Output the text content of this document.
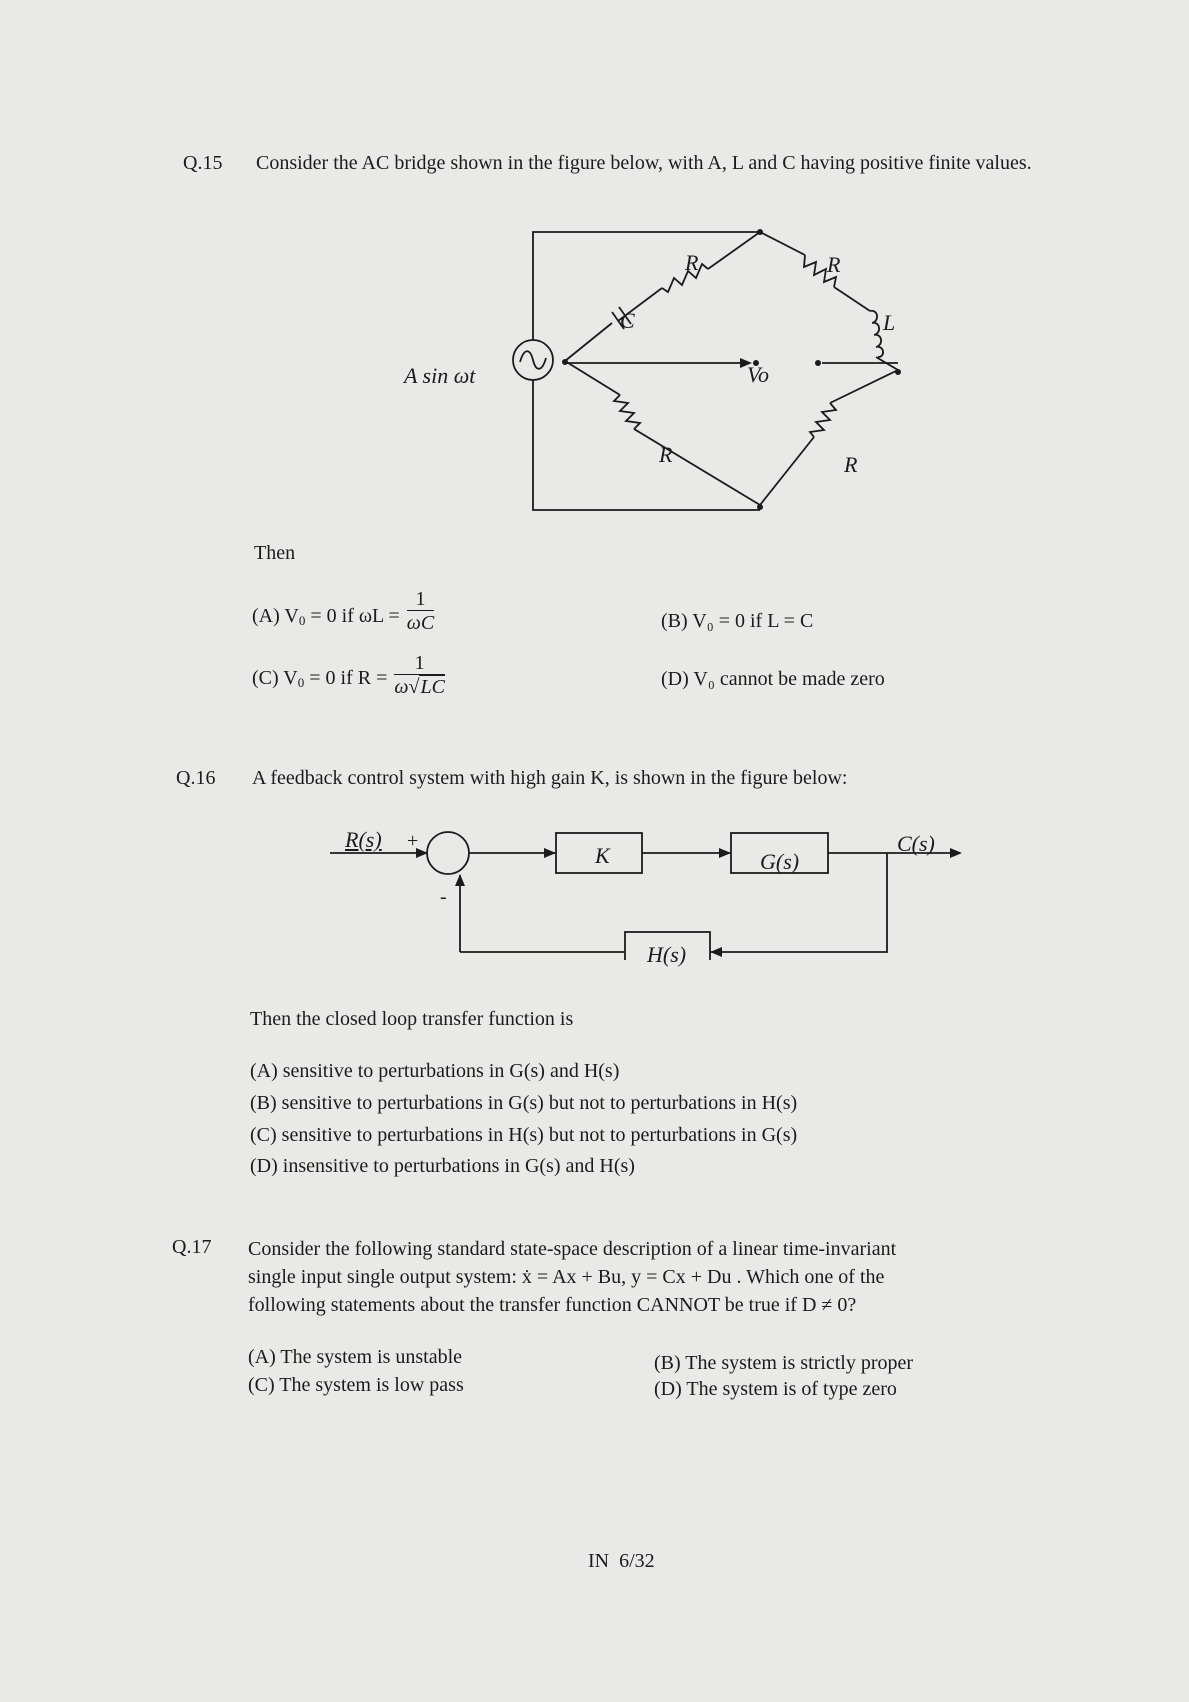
Q.15 Consider the AC bridge shown in the figure below, with A, L and C having positive finite values.
A sin ωt
R	R
R	R
C	L
Vo
Then
(A) $V_0 = 0$ if $\omega L = \frac{1}{\omega C}$	(B) V₀ = 0 if L = C
(C) $V_0 = 0$ if $R = \frac{1}{\omega√LC}$	(D) V₀ cannot be made zero
Q.16 A feedback control system with high gain K, is shown in the figure below:
R(s) +
-
K	G(s)
C(s)
H(s)
Then the closed loop transfer function is
(A) sensitive to perturbations in G(s) and H(s)
(B) sensitive to perturbations in G(s) but not to perturbations in H(s)
(C) sensitive to perturbations in H(s) but not to perturbations in G(s)
(D) insensitive to perturbations in G(s) and H(s)
Q.17 Consider the following standard state-space description of a linear time-invariant
single input single output system: ẋ = Ax + Bu, y = Cx + Du . Which one of the
following statements about the transfer function CANNOT be true if D ≠ 0?
(A) The system is unstable	(B) The system is strictly proper
(C) The system is low pass	(D) The system is of type zero
IN  6/32
